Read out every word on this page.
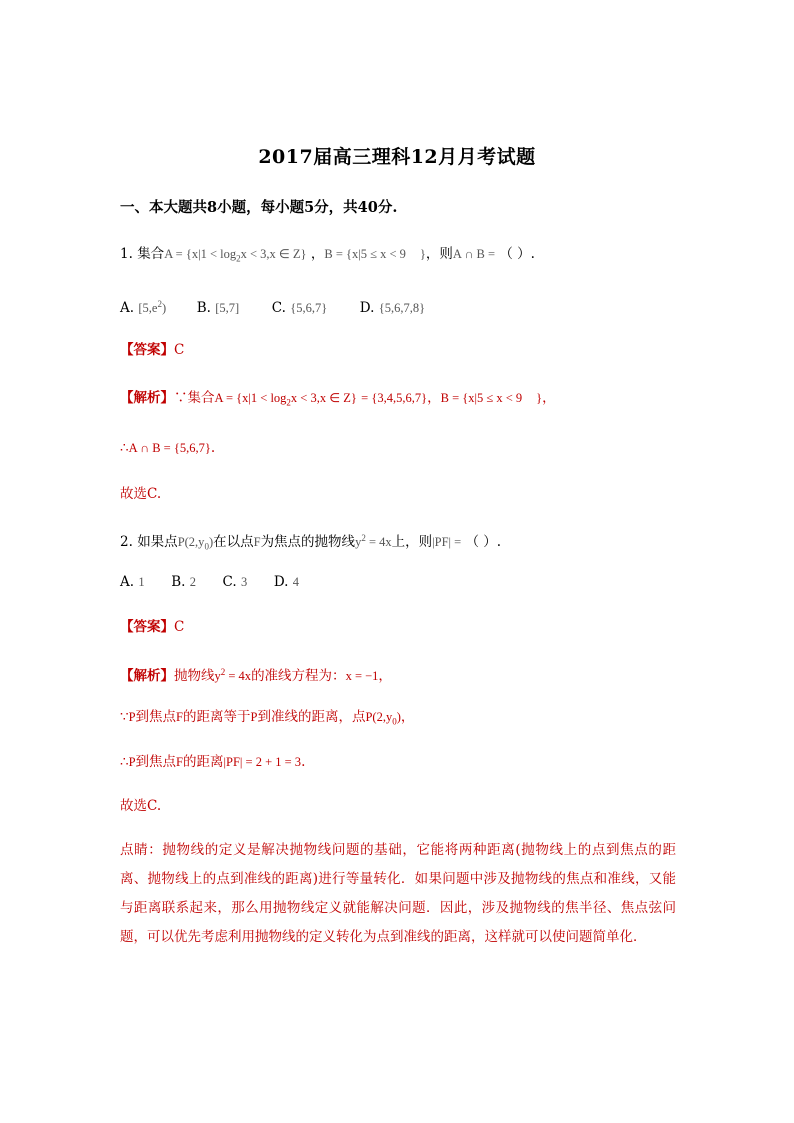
2017届高三理科12月月考试题
一、本大题共8小题，每小题5分，共40分.
1. 集合$A = \{x|1 < \log_2x < 3,x$ ∈ Z} ，B = {x|5 ≤ x < 9 }，则A ∩ B = （ ）.
A. $[5,e^2)$ B. [5,7] C. {5,6,7} D. {5,6,7,8}
【答案】C
【解析】∵集合$A = \{x|1 < \log_2x < 3,x$ ∈ Z} = {3,4,5,6,7}，B = {x|5 ≤ x < 9 }，
∴A ∩ B = {5,6,7}.
故选C.
2. 如果点$P(2,y_0)$在以点F为焦点的抛物线$y^2 = 4x$上，则|PF| = （ ）.
A. 1 B. 2 C. 3 D. 4
【答案】C
【解析】抛物线$y^2 = 4x$的准线方程为：x = −1，
∵P到焦点F的距离等于P到准线的距离，点$P(2,y_0)$，
∴P到焦点F的距离|PF| = 2 + 1 = 3.
故选C.
点睛：抛物线的定义是解决抛物线问题的基础，它能将两种距离(抛物线上的点到焦点的距离、抛物线上的点到准线的距离)进行等量转化．如果问题中涉及抛物线的焦点和准线，又能与距离联系起来，那么用抛物线定义就能解决问题．因此，涉及抛物线的焦半径、焦点弦问题，可以优先考虑利用抛物线的定义转化为点到准线的距离，这样就可以使问题简单化．
